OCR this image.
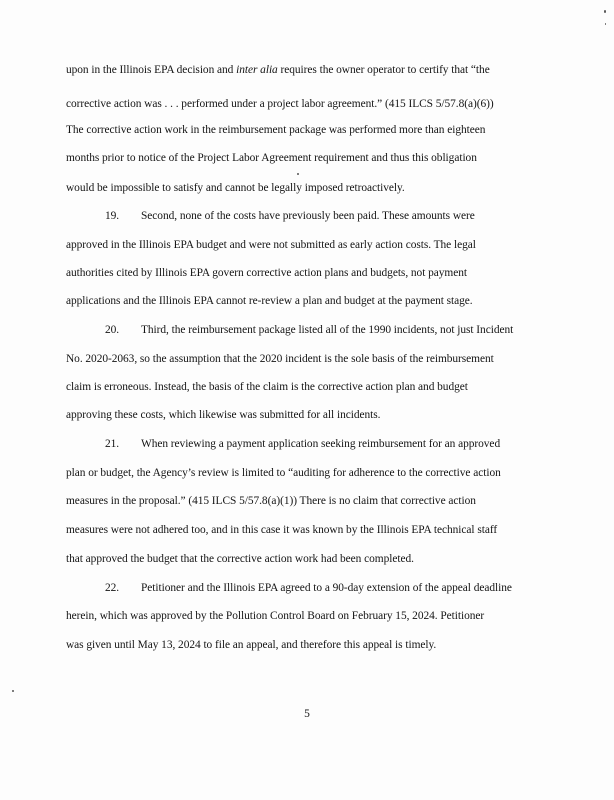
upon in the Illinois EPA decision and inter alia requires the owner operator to certify that “the
corrective action was . . . performed under a project labor agreement.” (415 ILCS 5/57.8(a)(6))
The corrective action work in the reimbursement package was performed more than eighteen
months prior to notice of the Project Labor Agreement requirement and thus this obligation
would be impossible to satisfy and cannot be legally imposed retroactively.
19. Second, none of the costs have previously been paid. These amounts were
approved in the Illinois EPA budget and were not submitted as early action costs. The legal
authorities cited by Illinois EPA govern corrective action plans and budgets, not payment
applications and the Illinois EPA cannot re-review a plan and budget at the payment stage.
20. Third, the reimbursement package listed all of the 1990 incidents, not just Incident
No. 2020-2063, so the assumption that the 2020 incident is the sole basis of the reimbursement
claim is erroneous. Instead, the basis of the claim is the corrective action plan and budget
approving these costs, which likewise was submitted for all incidents.
21. When reviewing a payment application seeking reimbursement for an approved
plan or budget, the Agency’s review is limited to “auditing for adherence to the corrective action
measures in the proposal.” (415 ILCS 5/57.8(a)(1)) There is no claim that corrective action
measures were not adhered too, and in this case it was known by the Illinois EPA technical staff
that approved the budget that the corrective action work had been completed.
22. Petitioner and the Illinois EPA agreed to a 90-day extension of the appeal deadline
herein, which was approved by the Pollution Control Board on February 15, 2024. Petitioner
was given until May 13, 2024 to file an appeal, and therefore this appeal is timely.
5
